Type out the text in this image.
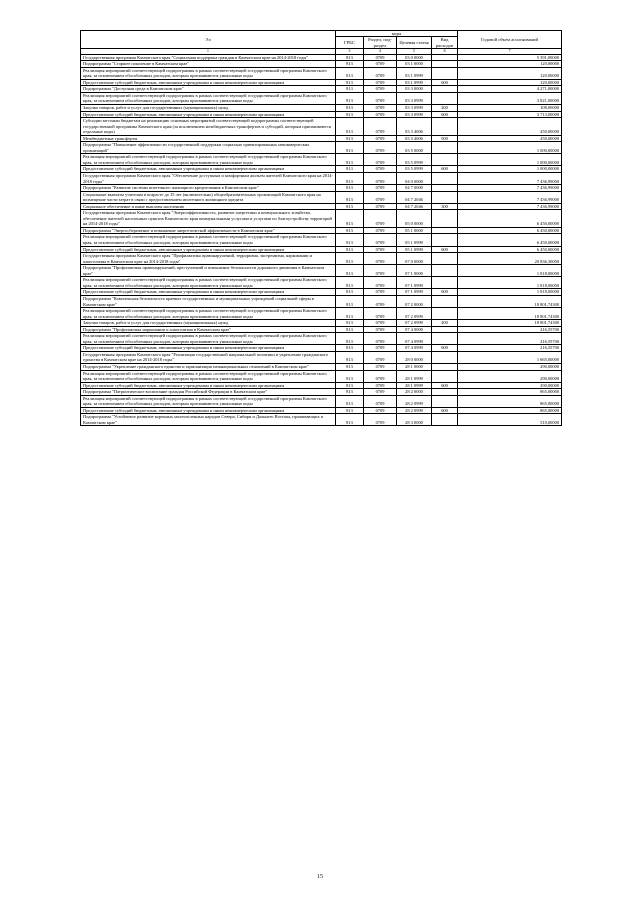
Эл	коды				Годовой объем ассигнований
	ГРБС	Раздел, под-раздел	Целевая статья	Вид расходов	
1	3	4	5	6	7
Государственная программа Камчатского края "Социальная поддержка граждан в Камчатском крае на 2014-2018 годы"	813	0709	03 0 0000		5 391,00000
Подпрограмма "Старшее поколение в Камчатском крае"	813	0709	03 1 0000		120,00000
Реализация мероприятий соответствующей подпрограммы в рамках соответствующей государственной программы Камчатского края, за исключением обособленных расходов, которым присваиваются уникальные коды	813	0709	03 1 0999		120,00000
Предоставление субсидий бюджетным, автономным учреждениям и иным некоммерческим организациям	813	0709	03 1 0999	600	120,00000
Подпрограмма "Доступная среда в Камчатском крае"	813	0709	03 3 0000		4 271,00000
Реализация мероприятий соответствующей подпрограммы в рамках соответствующей государственной программы Камчатского края, за исключением обособленных расходов, которым присваиваются уникальные коды	813	0709	03 3 0999		3 821,00000
Закупка товаров, работ и услуг для государственных (муниципальных) нужд	813	0709	03 3 0999	200	108,00000
Предоставление субсидий бюджетным, автономным учреждениям и иным некоммерческим организациям	813	0709	03 3 0999	600	3 713,00000
Субсидии местным бюджетам на реализацию основных мероприятий соответствующей подпрограммы соответствующей государственной программы Камчатского края (за исключением межбюджетных трансфертов и субсидий, которым присваиваются отдельные коды)	813	0709	03 3 4006		450,00000
Межбюджетные трансферты	813	0709	03 3 4006	500	450,00000
Подпрограмма "Повышение эффективности государственной поддержки социально ориентированных некоммерческих организаций"	813	0709	03 5 0000		1 000,00000
Реализация мероприятий соответствующей подпрограммы в рамках соответствующей государственной программы Камчатского края, за исключением обособленных расходов, которым присваиваются уникальные коды	813	0709	03 5 0999		1 000,00000
Предоставление субсидий бюджетным, автономным учреждениям и иным некоммерческим организациям	813	0709	03 5 0999	600	1 000,00000
Государственная программа Камчатского края "Обеспечение доступным и комфортным жильем жителей Камчатского края на 2014-2018 годы"	813	0709	04 0 0000		7 436,99000
Подпрограмма "Развитие системы ипотечного жилищного кредитования в Камчатском крае"	813	0709	04 7 0000		7 436,99000
Социальные выплаты учителям в возрасте до 35 лет (включительно) общеобразовательных организаций Камчатского края на возмещение части затрат в связи с предоставлением ипотечного жилищного кредита	813	0709	04 7 2046		7 436,99000
Социальное обеспечение и иные выплаты населению	813	0709	04 7 2046	300	7 436,99000
Государственная программа Камчатского края "Энергоэффективность, развитие энергетики и коммунального хозяйства, обеспечение жителей населенных пунктов Камчатского края коммунальными услугами и услугами по благоустройству территорий на 2014-2018 годы"	813	0709	05 0 0000		6 450,00000
Подпрограмма "Энергосбережение и повышение энергетической эффективности в Камчатском крае"	813	0709	05 1 0000		6 450,00000
Реализация мероприятий соответствующей подпрограммы в рамках соответствующей государственной программы Камчатского края, за исключением обособленных расходов, которым присваиваются уникальные коды	813	0709	05 1 0999		6 450,00000
Предоставление субсидий бюджетным, автономным учреждениям и иным некоммерческим организациям	813	0709	05 1 0999	600	6 450,00000
Государственная программа Камчатского края "Профилактика правонарушений, терроризма, экстремизма, наркомании и алкоголизма в Камчатском крае на 2014-2018 годы"	813	0709	07 0 0000		20 836,30000
Подпрограмма "Профилактика правонарушений, преступлений и повышение безопасности дорожного движения в Камчатском крае"	813	0709	07 1 0000		1 818,00000
Реализация мероприятий соответствующей подпрограммы в рамках соответствующей государственной программы Камчатского края, за исключением обособленных расходов, которым присваиваются уникальные коды	813	0709	07 1 0999		1 818,00000
Предоставление субсидий бюджетным, автономным учреждениям и иным некоммерческим организациям	813	0709	07 1 0999	600	1 818,00000
Подпрограмма "Комплексная безопасность краевых государственных и муниципальных учреждений социальной сферы в Камчатском крае"	813	0709	07 2 0000		18 801,74300
Реализация мероприятий соответствующей подпрограммы в рамках соответствующей государственной программы Камчатского края, за исключением обособленных расходов, которым присваиваются уникальные коды	813	0709	07 2 0999		18 801,74300
Закупка товаров, работ и услуг для государственных (муниципальных) нужд	813	0709	07 2 0999	200	18 801,74300
Подпрограмма "Профилактика наркомании и алкоголизма в Камчатском крае"	813	0709	07 4 0000		216,55700
Реализация мероприятий соответствующей подпрограммы в рамках соответствующей государственной программы Камчатского края, за исключением обособленных расходов, которым присваиваются уникальные коды	813	0709	07 4 0999		216,55700
Предоставление субсидий бюджетным, автономным учреждениям и иным некоммерческим организациям	813	0709	07 4 0999	600	216,55700
Государственная программа Камчатского края "Реализация государственной национальной политики и укрепление гражданского единства в Камчатском крае на 2014-2018 годы"	813	0709	28 0 0000		1 665,00000
Подпрограмма "Укрепление гражданского единства и гармонизация межнациональных отношений в Камчатском крае"	813	0709	28 1 0000		290,00000
Реализация мероприятий соответствующей подпрограммы в рамках соответствующей государственной программы Камчатского края, за исключением обособленных расходов, которым присваиваются уникальные коды	813	0709	28 1 0999		290,00000
Предоставление субсидий бюджетным, автономным учреждениям и иным некоммерческим организациям	813	0709	28 1 0999	600	290,00000
Подпрограмма "Патриотическое воспитание граждан Российской Федерации в Камчатском крае"	813	0709	28 2 0000		865,00000
Реализация мероприятий соответствующей подпрограммы в рамках соответствующей государственной программы Камчатского края, за исключением обособленных расходов, которым присваиваются уникальные коды	813	0709	28 2 0999		865,00000
Предоставление субсидий бюджетным, автономным учреждениям и иным некоммерческим организациям	813	0709	28 2 0999	600	865,00000
Подпрограмма "Устойчивое развитие коренных малочисленных народов Севера, Сибири и Дальнего Востока, проживающих в Камчатском крае"	813	0709	28 3 0000		510,00000
15
